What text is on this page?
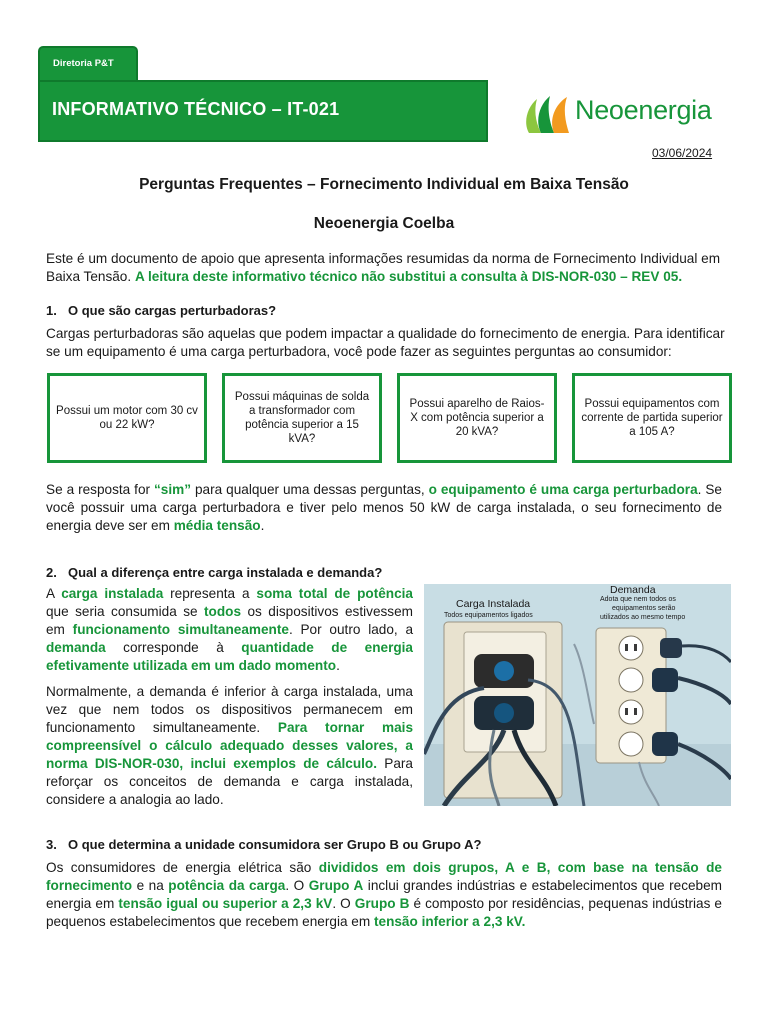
Diretoria P&T
INFORMATIVO TÉCNICO – IT-021	Neoenergia
03/06/2024
Perguntas Frequentes – Fornecimento Individual em Baixa Tensão
Neoenergia Coelba
Este é um documento de apoio que apresenta informações resumidas da norma de Fornecimento Individual em Baixa Tensão. A leitura deste informativo técnico não substitui a consulta à DIS-NOR-030 – REV 05.
1. O que são cargas perturbadoras?
Cargas perturbadoras são aquelas que podem impactar a qualidade do fornecimento de energia. Para identificar se um equipamento é uma carga perturbadora, você pode fazer as seguintes perguntas ao consumidor:
Possui um motor com 30 cv ou 22 kW?
Possui máquinas de solda a transformador com potência superior a 15 kVA?
Possui aparelho de Raios-X com potência superior a 20 kVA?
Possui equipamentos com corrente de partida superior a 105 A?
Se a resposta for “sim” para qualquer uma dessas perguntas, o equipamento é uma carga perturbadora. Se você possuir uma carga perturbadora e tiver pelo menos 50 kW de carga instalada, o seu fornecimento de energia deve ser em média tensão.
2. Qual a diferença entre carga instalada e demanda?
A carga instalada representa a soma total de potência que seria consumida se todos os dispositivos estivessem em funcionamento simultaneamente. Por outro lado, a demanda corresponde à quantidade de energia efetivamente utilizada em um dado momento.
Normalmente, a demanda é inferior à carga instalada, uma vez que nem todos os dispositivos permanecem em funcionamento simultaneamente. Para tornar mais compreensível o cálculo adequado desses valores, a norma DIS-NOR-030, inclui exemplos de cálculo. Para reforçar os conceitos de demanda e carga instalada, considere a analogia ao lado.
Carga Instalada
Todos equipamentos ligados
Demanda
Adota que nem todos os
equipamentos serão
utilizados ao mesmo tempo
3. O que determina a unidade consumidora ser Grupo B ou Grupo A?
Os consumidores de energia elétrica são divididos em dois grupos, A e B, com base na tensão de fornecimento e na potência da carga. O Grupo A inclui grandes indústrias e estabelecimentos que recebem energia em tensão igual ou superior a 2,3 kV. O Grupo B é composto por residências, pequenas indústrias e pequenos estabelecimentos que recebem energia em tensão inferior a 2,3 kV.
